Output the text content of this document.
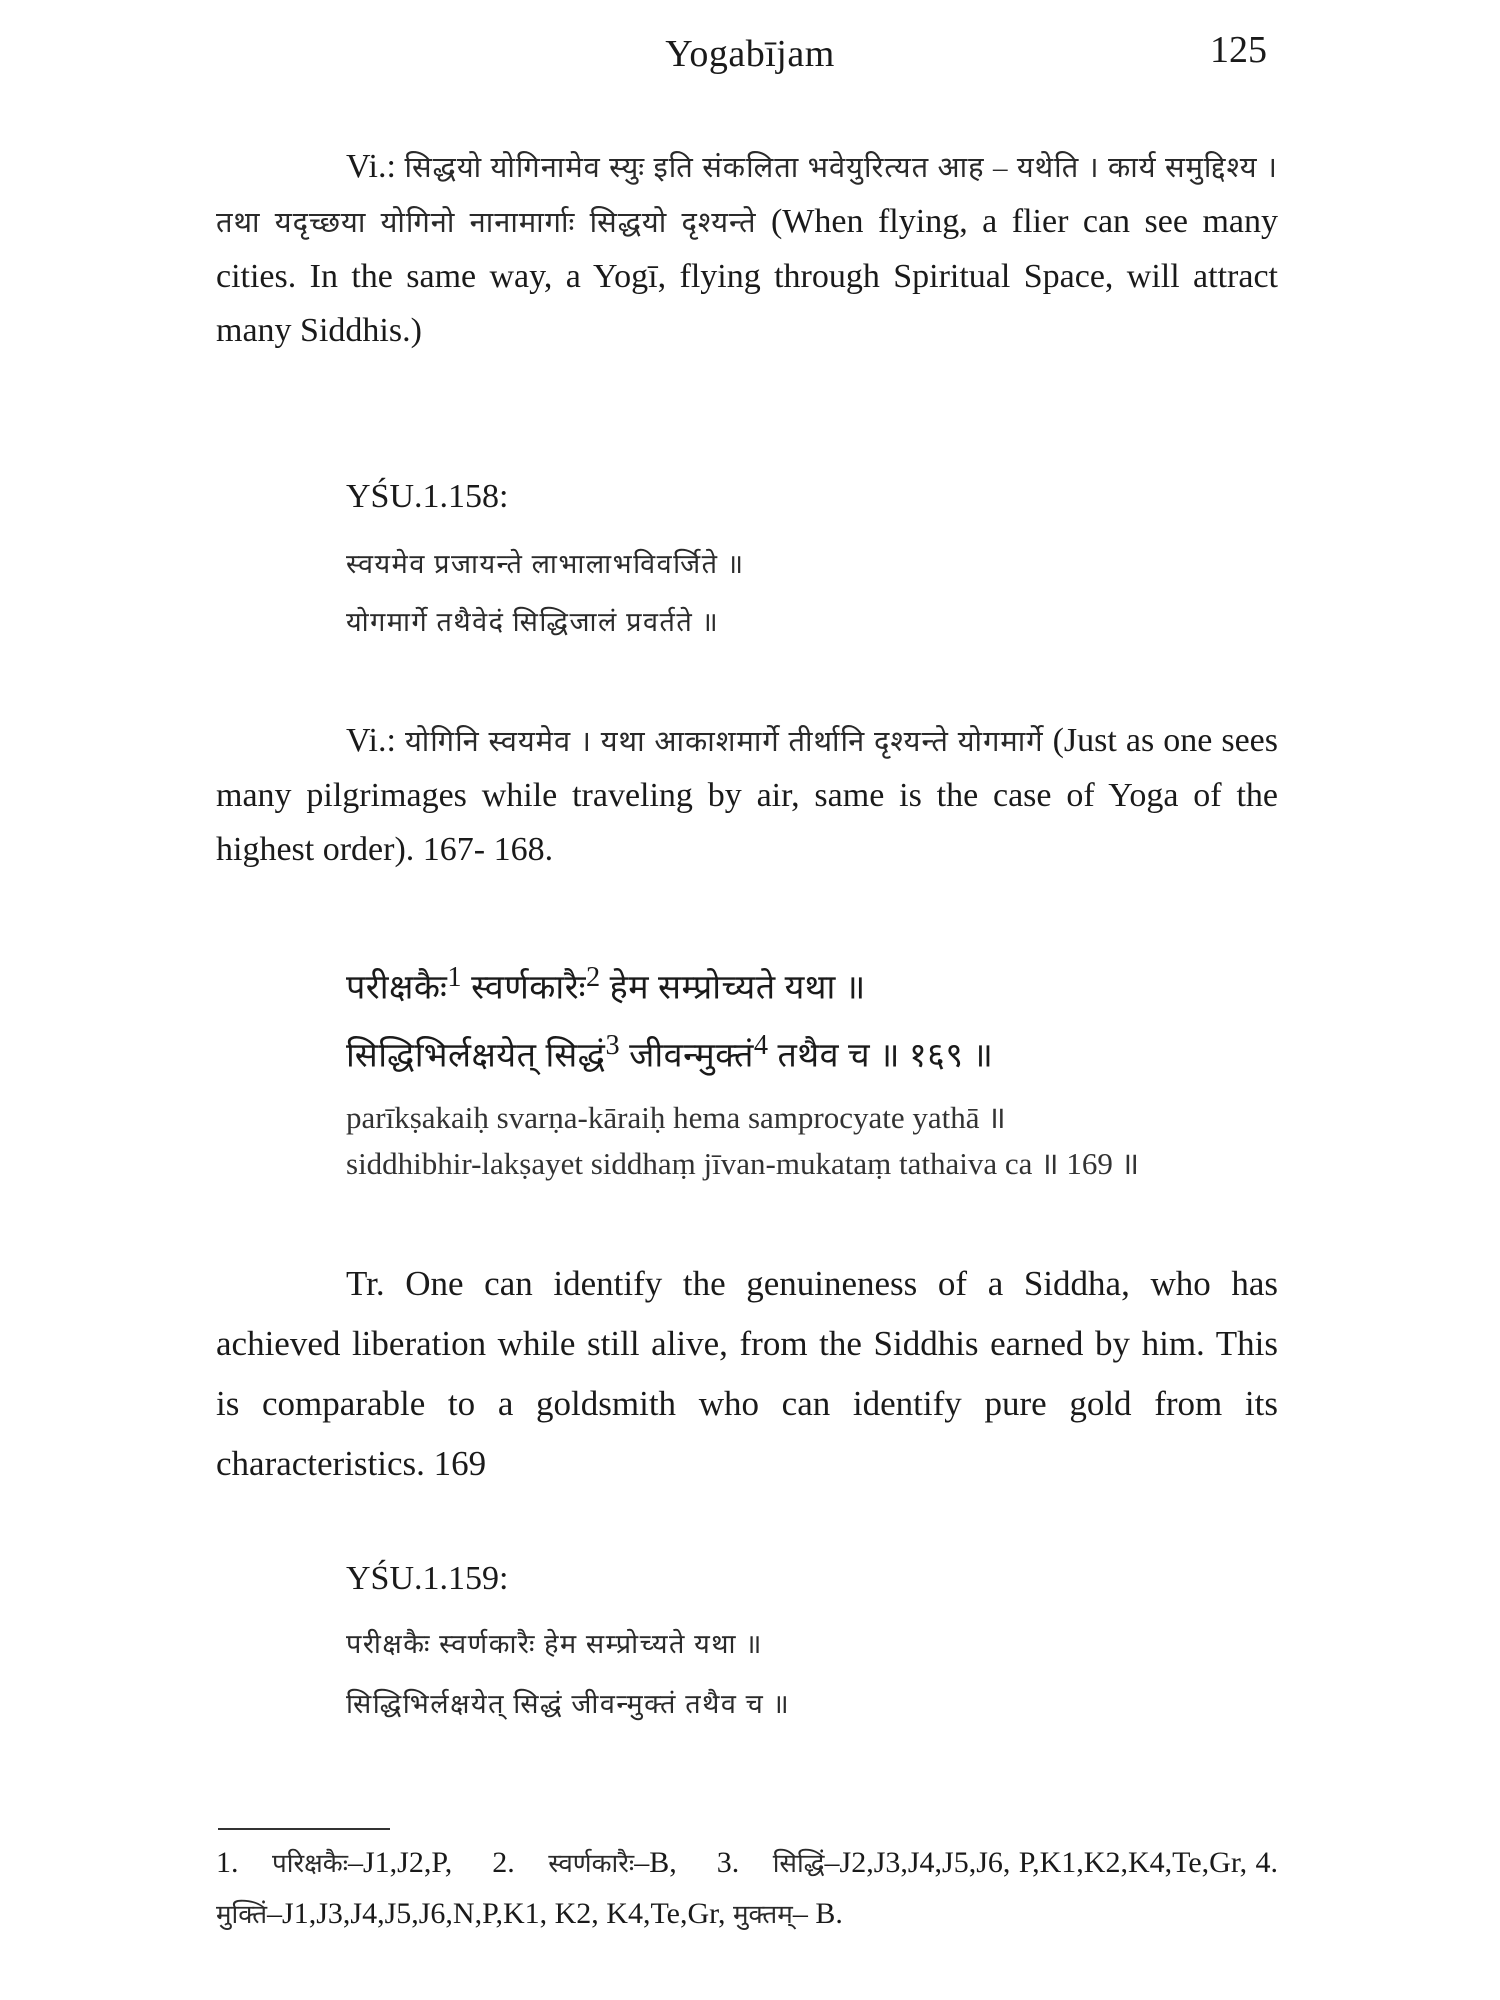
Yogabījam	125

Vi.: सिद्धयो योगिनामेव स्युः इति संकलिता भवेयुरित्यत आह – यथेति । कार्य समुद्दिश्य । तथा यदृच्छया योगिनो नानामार्गाः सिद्धयो दृश्यन्ते (When flying, a flier can see many cities. In the same way, a Yogī, flying through Spiritual Space, will attract many Siddhis.)

YŚU.1.158:
स्वयमेव प्रजायन्ते लाभालाभविवर्जिते ॥
योगमार्गे तथैवेदं सिद्धिजालं प्रवर्तते ॥

Vi.: योगिनि स्वयमेव । यथा आकाशमार्गे तीर्थानि दृश्यन्ते योगमार्गे (Just as one sees many pilgrimages while traveling by air, same is the case of Yoga of the highest order). 167- 168.

परीक्षकैः$^1$ स्वर्णकारैः$^2$ हेम सम्प्रोच्यते यथा ॥
सिद्धिभिर्लक्षयेत् सिद्धं$^3$ जीवन्मुक्तं$^4$ तथैव च ॥ १६९ ॥
parīkṣakaiḥ svarṇa-kāraiḥ hema samprocyate yathā ॥
siddhibhir-lakṣayet siddhaṃ jīvan-mukataṃ tathaiva ca ॥ 169 ॥

Tr. One can identify the genuineness of a Siddha, who has achieved liberation while still alive, from the Siddhis earned by him. This is comparable to a goldsmith who can identify pure gold from its characteristics. 169

YŚU.1.159:
परीक्षकैः स्वर्णकारैः हेम सम्प्रोच्यते यथा ॥
सिद्धिभिर्लक्षयेत् सिद्धं जीवन्मुक्तं तथैव च ॥

1. परिक्षकैः–J1,J2,P, 2. स्वर्णकारैः–B, 3. सिद्धिं–J2,J3,J4,J5,J6, P,K1,K2,K4,Te,Gr, 4. मुक्तिं–J1,J3,J4,J5,J6,N,P,K1, K2, K4,Te,Gr, मुक्तम्– B.
